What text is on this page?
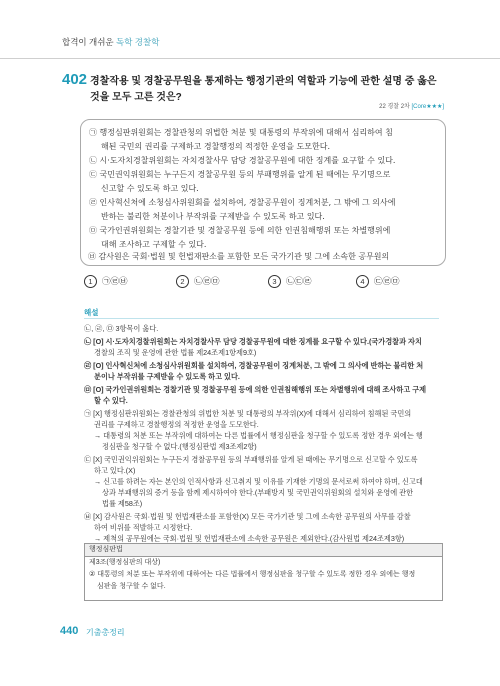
합격이 개쉬운 독학 경찰학
402 경찰작용 및 경찰공무원을 통제하는 행정기관의 역할과 기능에 관한 설명 중 옳은 것을 모두 고른 것은?
22 경찰 2차 [Core★★★]
㉠ 행정심판위원회는 경찰관청의 위법한 처분 및 대통령의 부작위에 대해서 심리하여 침
해된 국민의 권리를 구제하고 경찰행정의 적정한 운영을 도모한다.
㉡ 시·도자치경찰위원회는 자치경찰사무 담당 경찰공무원에 대한 징계를 요구할 수 있다.
㉢ 국민권익위원회는 누구든지 경찰공무원 등의 부패행위를 알게 된 때에는 무기명으로
신고할 수 있도록 하고 있다.
㉣ 인사혁신처에 소청심사위원회를 설치하여, 경찰공무원이 징계처분, 그 밖에 그 의사에
반하는 불리한 처분이나 부작위를 구제받을 수 있도록 하고 있다.
㉤ 국가인권위원회는 경찰기관 및 경찰공무원 등에 의한 인권침해행위 또는 차별행위에
대해 조사하고 구제할 수 있다.
㉥ 감사원은 국회·법원 및 헌법재판소를 포함한 모든 국가기관 및 그에 소속한 공무원의
1 ㉠㉣㉥	2 ㉡㉣㉤	3 ㉡㉢㉣	4 ㉢㉣㉤
해설
㉡, ㉣, ㉤ 3항목이 옳다.
㉡ [O] 시·도자치경찰위원회는 자치경찰사무 담당 경찰공무원에 대한 징계를 요구할 수 있다.(국가경찰과 자치
경찰의 조직 및 운영에 관한 법률 제24조제1항제9호)
㉣ [O] 인사혁신처에 소청심사위원회를 설치하여, 경찰공무원이 징계처분, 그 밖에 그 의사에 반하는 불리한 처
분이나 부작위를 구제받을 수 있도록 하고 있다.
㉤ [O] 국가인권위원회는 경찰기관 및 경찰공무원 등에 의한 인권침해행위 또는 차별행위에 대해 조사하고 구제
할 수 있다.
㉠ [X] 행정심판위원회는 경찰관청의 위법한 처분 및 대통령의 부작위(X)에 대해서 심리하여 침해된 국민의
권리를 구제하고 경찰행정의 적정한 운영을 도모한다.
→ 대통령의 처분 또는 부작위에 대하여는 다른 법률에서 행정심판을 청구할 수 있도록 정한 경우 외에는 행
정심판을 청구할 수 없다.(행정심판법 제3조제2항)
㉢ [X] 국민권익위원회는 누구든지 경찰공무원 등의 부패행위를 알게 된 때에는 무기명으로 신고할 수 있도록
하고 있다.(X)
→ 신고를 하려는 자는 본인의 인적사항과 신고취지 및 이유를 기재한 기명의 문서로써 하여야 하며, 신고대
상과 부패행위의 증거 등을 함께 제시하여야 한다.(부패방지 및 국민권익위원회의 설치와 운영에 관한
법률 제58조)
㉥ [X] 감사원은 국회·법원 및 헌법재판소를 포함한(X) 모든 국가기관 및 그에 소속한 공무원의 사무를 감찰
하여 비위를 적발하고 시정한다.
→ 제척의 공무원에는 국회·법원 및 헌법재판소에 소속한 공무원은 제외한다.(감사원법 제24조제3항)
행정심판법
제3조(행정심판의 대상)
② 대통령의 처분 또는 부작위에 대하여는 다른 법률에서 행정심판을 청구할 수 있도록 정한 경우 외에는 행정
심판을 청구할 수 없다.
440 기출총정리
